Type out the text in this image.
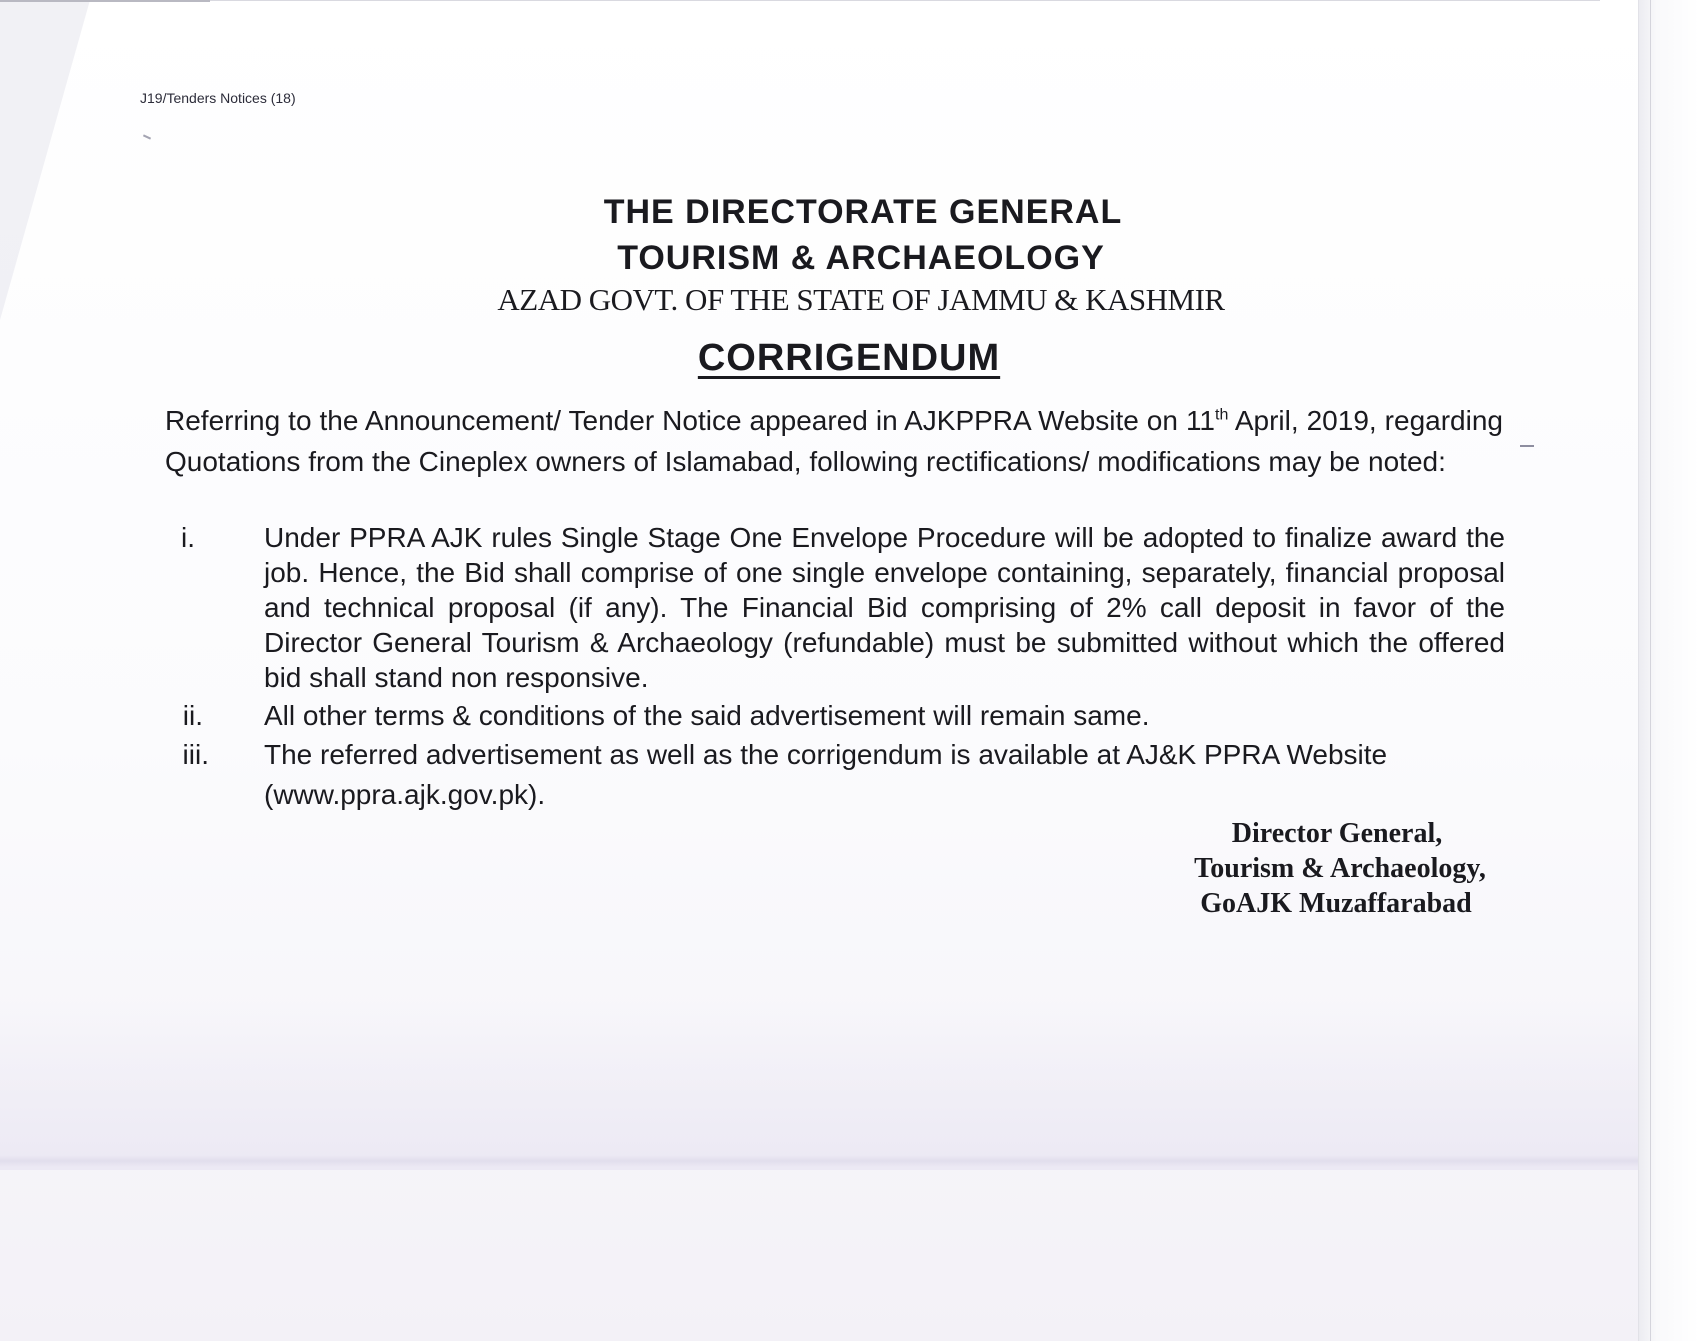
J19/Tenders Notices (18)
THE DIRECTORATE GENERAL
TOURISM & ARCHAEOLOGY
AZAD GOVT. OF THE STATE OF JAMMU & KASHMIR
CORRIGENDUM
Referring to the Announcement/ Tender Notice appeared in AJKPPRA Website on 11th April, 2019, regarding Quotations from the Cineplex owners of Islamabad, following rectifications/ modifications may be noted:
i. Under PPRA AJK rules Single Stage One Envelope Procedure will be adopted to finalize award the job. Hence, the Bid shall comprise of one single envelope containing, separately, financial proposal and technical proposal (if any). The Financial Bid comprising of 2% call deposit in favor of the Director General Tourism & Archaeology (refundable) must be submitted without which the offered bid shall stand non responsive.
ii. All other terms & conditions of the said advertisement will remain same.
iii. The referred advertisement as well as the corrigendum is available at AJ&K PPRA Website (www.ppra.ajk.gov.pk).
Director General,
Tourism & Archaeology,
GoAJK Muzaffarabad
